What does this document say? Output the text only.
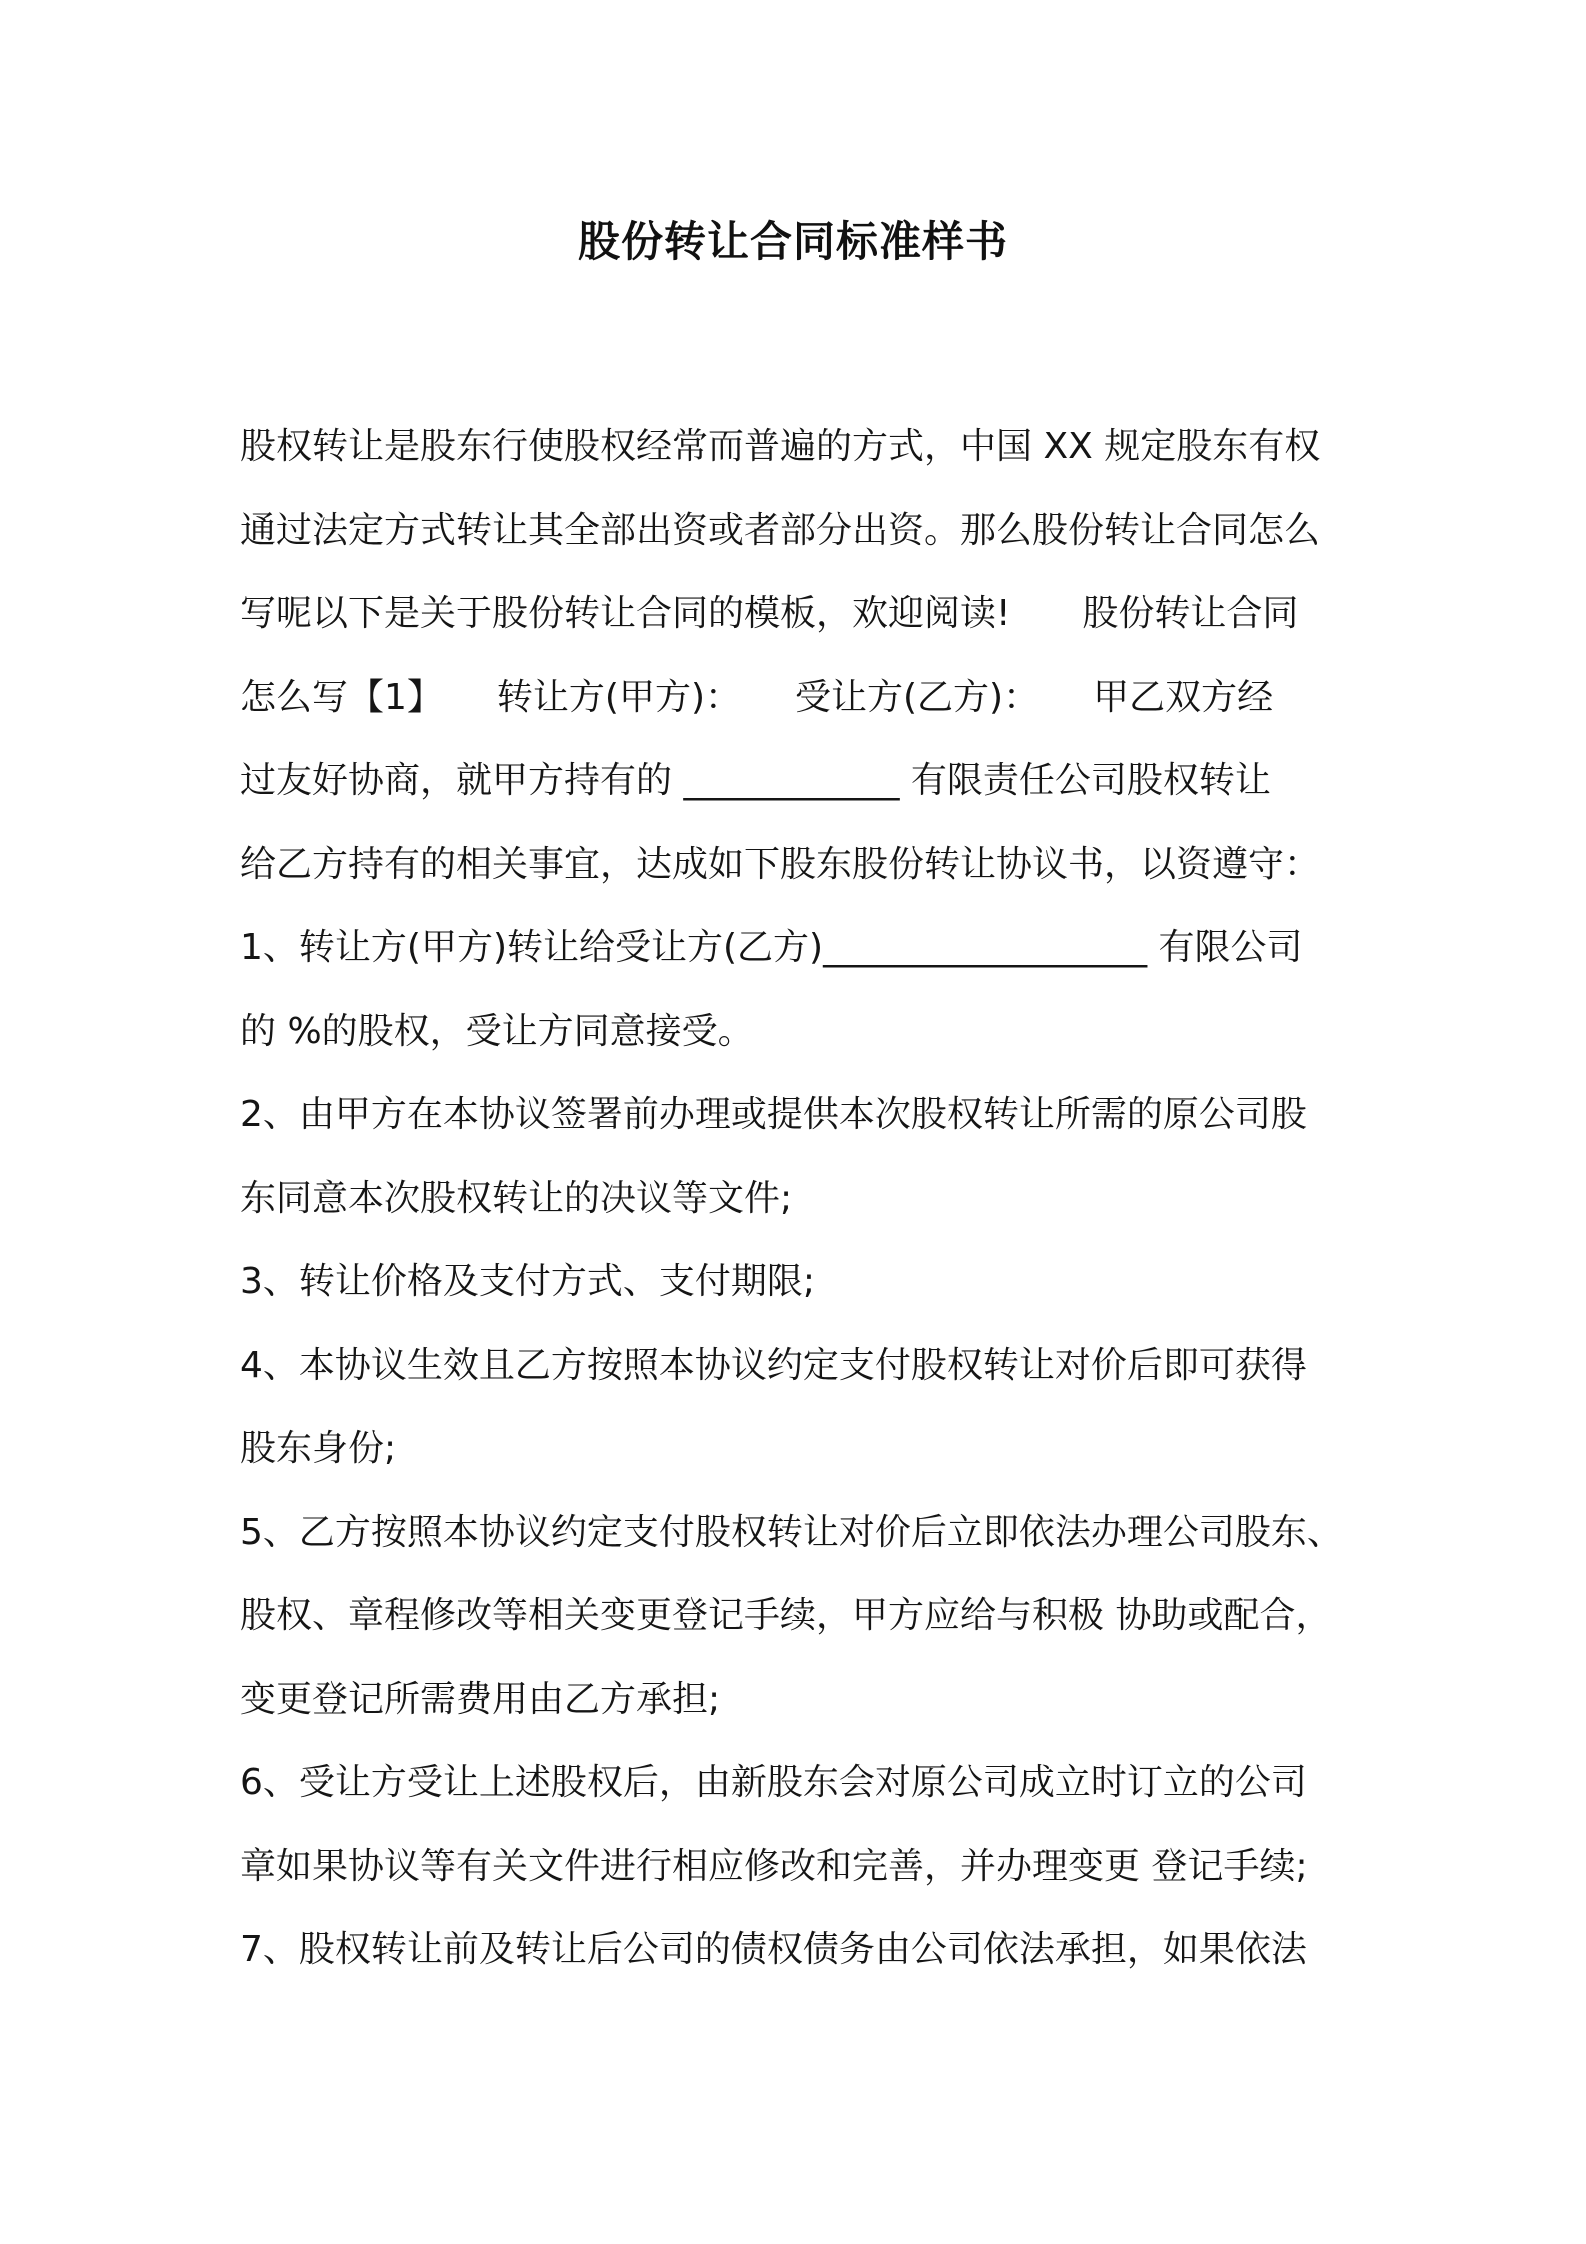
股份转让合同标准样书
股权转让是股东行使股权经常而普遍的方式，中国 XX 规定股东有权
通过法定方式转让其全部出资或者部分出资。那么股份转让合同怎么
写呢以下是关于股份转让合同的模板，欢迎阅读!　　股份转让合同
怎么写【1】　　转让方(甲方)：　　受让方(乙方)：　　甲乙双方经
过友好协商，就甲方持有的 ____________ 有限责任公司股权转让
给乙方持有的相关事宜，达成如下股东股份转让协议书，以资遵守：
1、转让方(甲方)转让给受让方(乙方)__________________ 有限公司
的 %的股权，受让方同意接受。
2、由甲方在本协议签署前办理或提供本次股权转让所需的原公司股
东同意本次股权转让的决议等文件;
3、转让价格及支付方式、支付期限;
4、本协议生效且乙方按照本协议约定支付股权转让对价后即可获得
股东身份;
5、乙方按照本协议约定支付股权转让对价后立即依法办理公司股东、
股权、章程修改等相关变更登记手续，甲方应给与积极 协助或配合，
变更登记所需费用由乙方承担;
6、受让方受让上述股权后，由新股东会对原公司成立时订立的公司
章如果协议等有关文件进行相应修改和完善，并办理变更 登记手续;
7、股权转让前及转让后公司的债权债务由公司依法承担，如果依法
